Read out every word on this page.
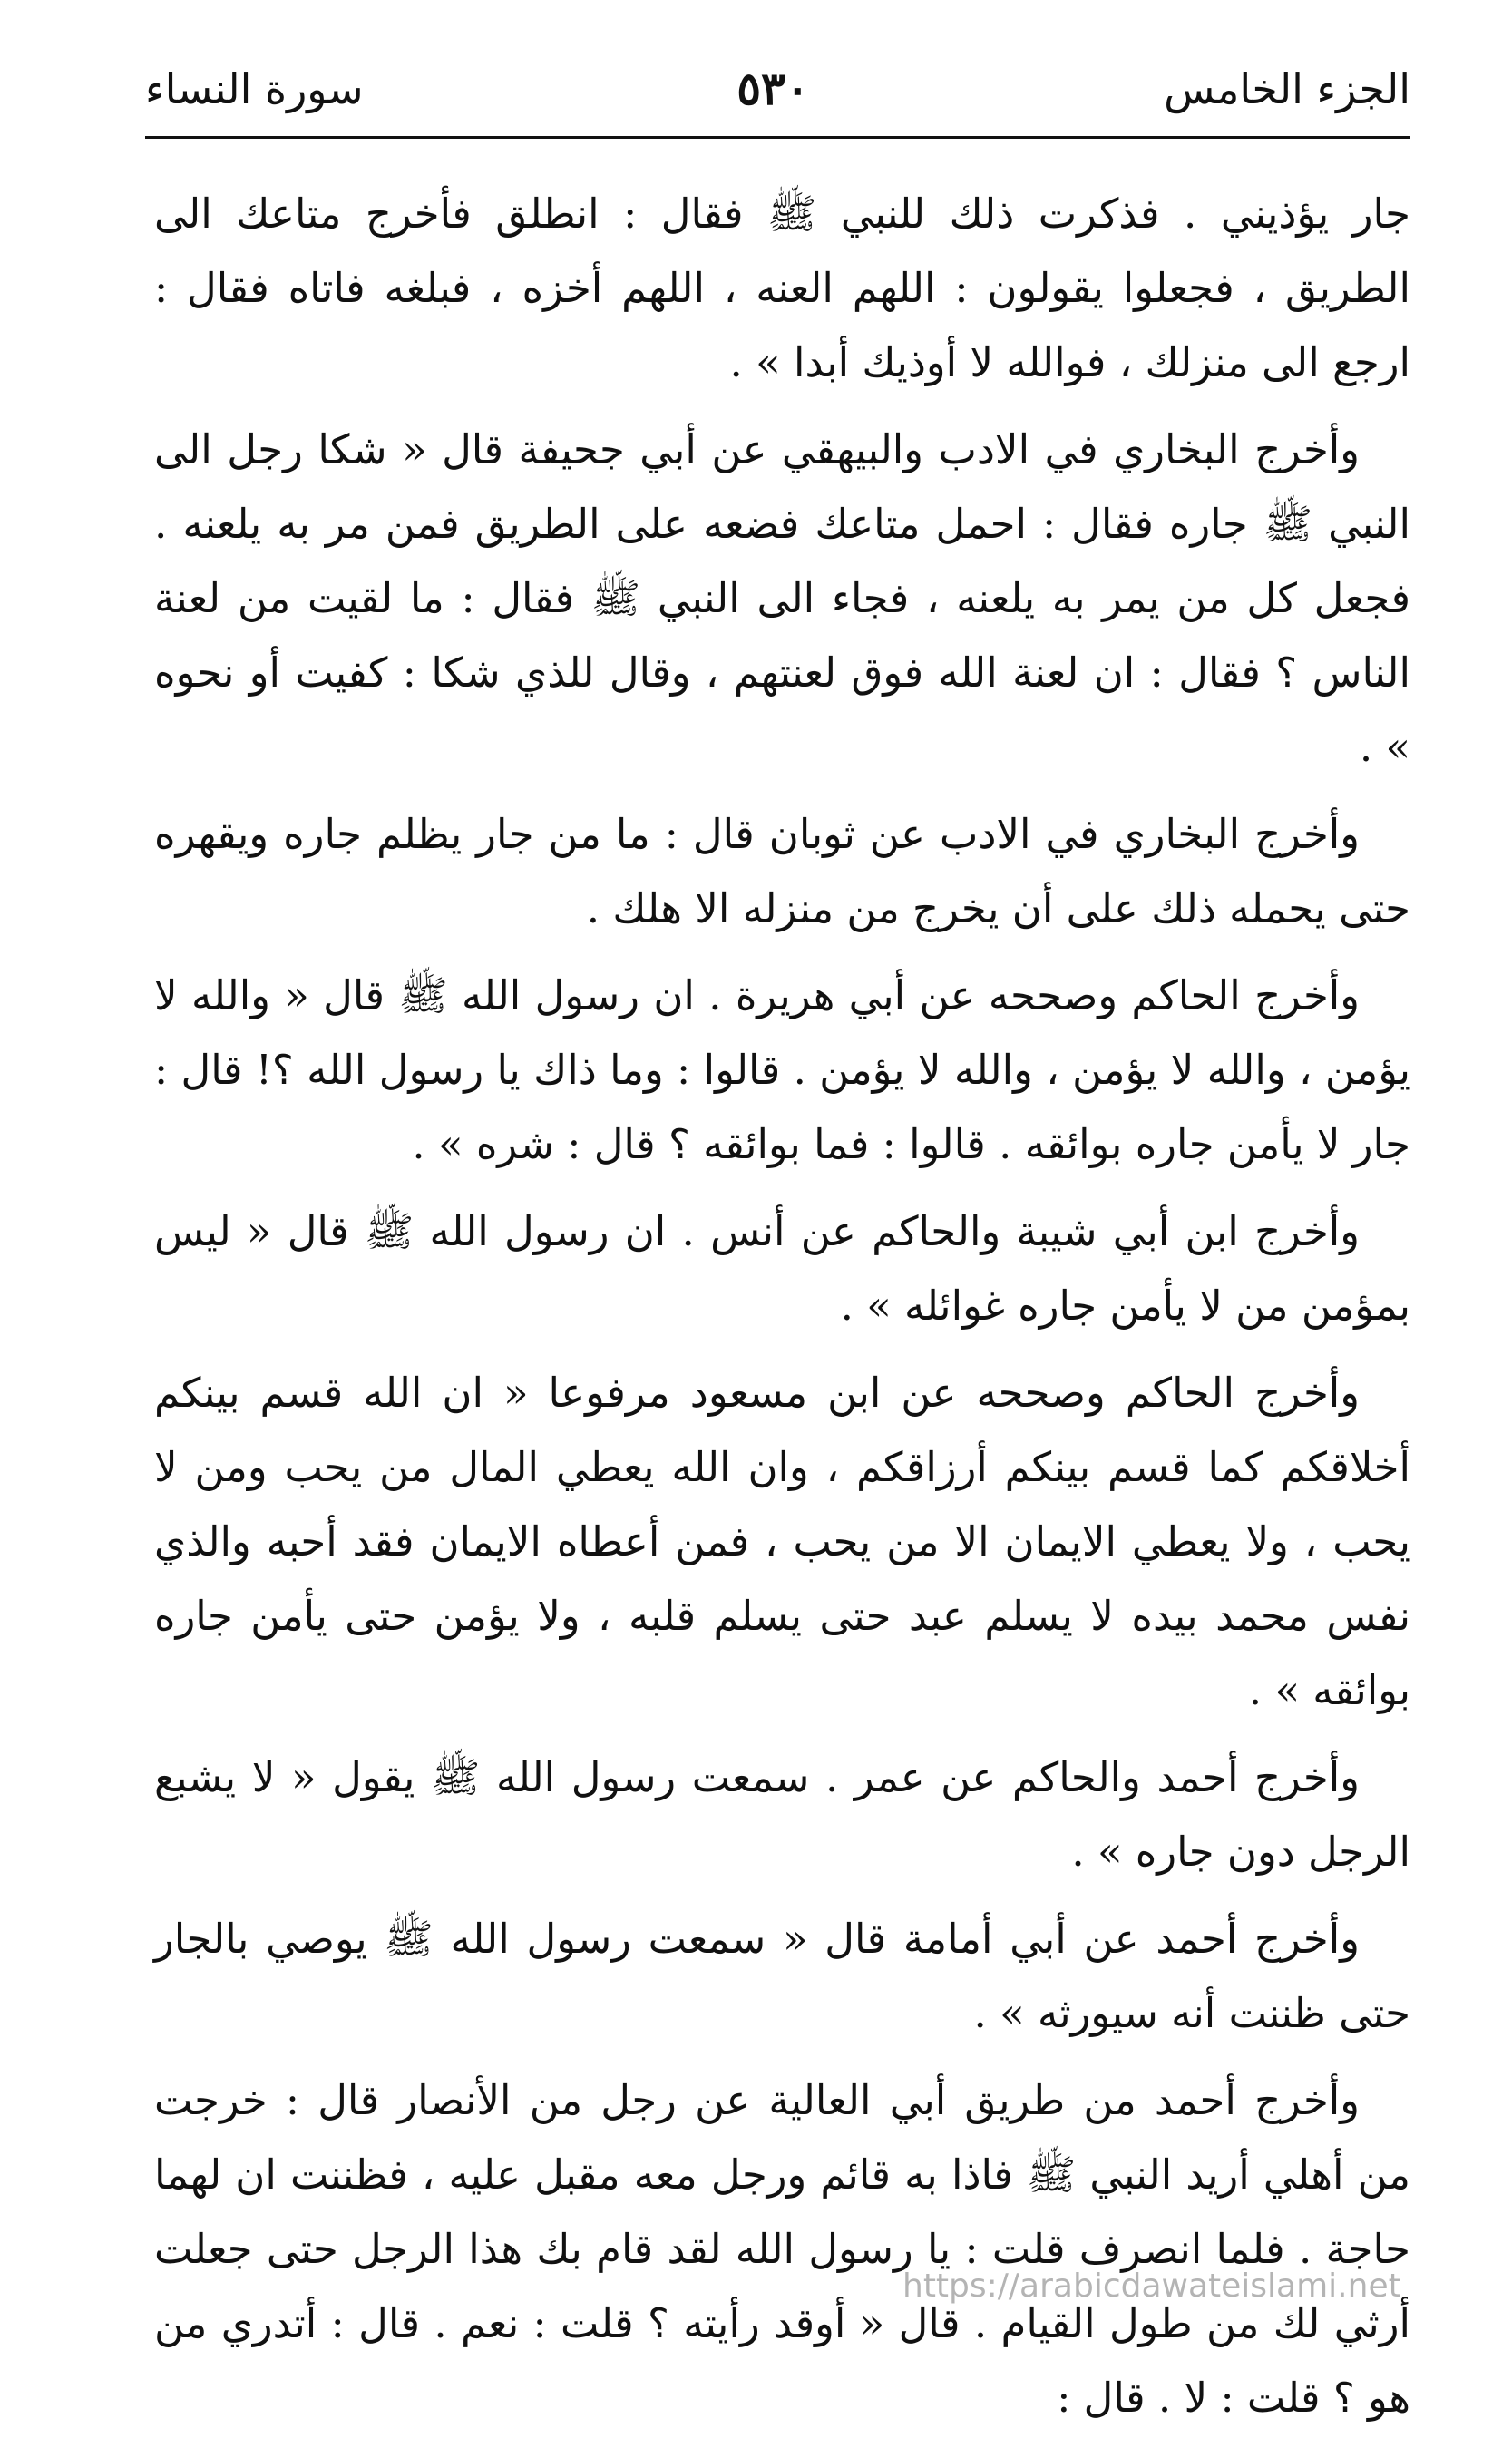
الجزء الخامس
٥٣٠
سورة النساء

جار يؤذيني . فذكرت ذلك للنبي ﷺ فقال : انطلق فأخرج متاعك الى الطريق ، فجعلوا يقولون : اللهم العنه ، اللهم أخزه ، فبلغه فاتاه فقال : ارجع الى منزلك ، فوالله لا أوذيك أبدا » .

وأخرج البخاري في الادب والبيهقي عن أبي جحيفة قال « شكا رجل الى النبي ﷺ جاره فقال : احمل متاعك فضعه على الطريق فمن مر به يلعنه . فجعل كل من يمر به يلعنه ، فجاء الى النبي ﷺ فقال : ما لقيت من لعنة الناس ؟ فقال : ان لعنة الله فوق لعنتهم ، وقال للذي شكا : كفيت أو نحوه » .

وأخرج البخاري في الادب عن ثوبان قال : ما من جار يظلم جاره ويقهره حتى يحمله ذلك على أن يخرج من منزله الا هلك .

وأخرج الحاكم وصححه عن أبي هريرة . ان رسول الله ﷺ قال « والله لا يؤمن ، والله لا يؤمن ، والله لا يؤمن . قالوا : وما ذاك يا رسول الله ؟! قال : جار لا يأمن جاره بوائقه . قالوا : فما بوائقه ؟ قال : شره » .

وأخرج ابن أبي شيبة والحاكم عن أنس . ان رسول الله ﷺ قال « ليس بمؤمن من لا يأمن جاره غوائله » .

وأخرج الحاكم وصححه عن ابن مسعود مرفوعا « ان الله قسم بينكم أخلاقكم كما قسم بينكم أرزاقكم ، وان الله يعطي المال من يحب ومن لا يحب ، ولا يعطي الايمان الا من يحب ، فمن أعطاه الايمان فقد أحبه والذي نفس محمد بيده لا يسلم عبد حتى يسلم قلبه ، ولا يؤمن حتى يأمن جاره بوائقه » .

وأخرج أحمد والحاكم عن عمر . سمعت رسول الله ﷺ يقول « لا يشبع الرجل دون جاره » .

وأخرج أحمد عن أبي أمامة قال « سمعت رسول الله ﷺ يوصي بالجار حتى ظننت أنه سيورثه » .

وأخرج أحمد من طريق أبي العالية عن رجل من الأنصار قال : خرجت من أهلي أريد النبي ﷺ فاذا به قائم ورجل معه مقبل عليه ، فظننت ان لهما حاجة . فلما انصرف قلت : يا رسول الله لقد قام بك هذا الرجل حتى جعلت أرثي لك من طول القيام . قال « أوقد رأيته ؟ قلت : نعم . قال : أتدري من هو ؟ قلت : لا . قال :

https://arabicdawateislami.net
